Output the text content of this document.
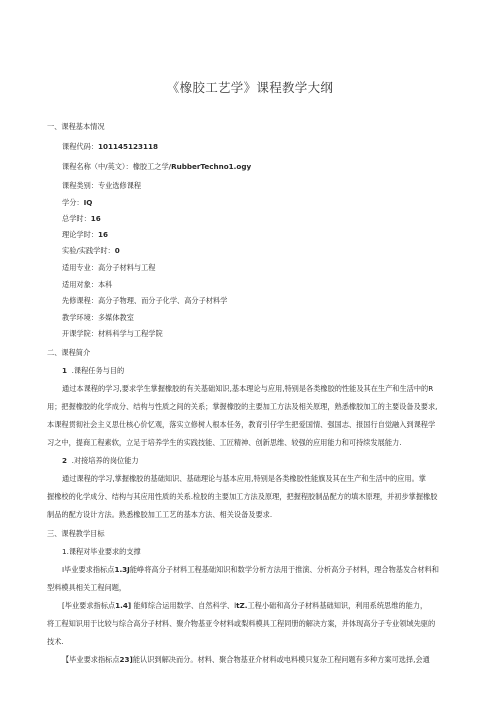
《橡胶工艺学》课程教学大纲
一、课程基本情况
课程代码：101145123118
课程名称（中/英文）：橡胶工之学/RubberTechno1.ogy
课程类别：专业选修课程
学分：IQ
总学时：16
理论学时：16
实验/实践学时：0
适用专业：高分子材料与工程
适用对象：本科
先修课程：高分子物理、而分子化学、高分子材料学
教学环境：多媒体教室
开课学院：材料科学与工程学院
二、课程简介
1 .课程任务与目的
通过本课程的学习,要求学生掌握橡胶的有关基础知识,基本理论与应用,特别是各类橡胶的性能及其在生产和生活中的R
用；把握橡胶的化学成分、结构与性质之间的关系；掌握橡胶的主要加工方法及相关原理，熟悉橡胶加工的主要设备及要求,
本课程贯彻社会主义思仕核心价忆观，落实立修树人根本任务，教育引仔学生把爱国情、强国志、报国行自觉融入到课程学
习之中，提商工程素软，立足于培养学生的实践技能、工匠精神、创新思维、较强的应用能力和可持续发展能力.
2 .对接培养的岗位能力
通过课程的学习,掌握橡胶的基础知识、基础理论与基本应用,特别是各类橡胶性能旗及其在生产和生活中的应用。掌
握橡校的化学成分、结构与其应用性质的关系.检胶的主要加工方法及原理，把握程胶制品配方的填木原理，并初步掌握橡胶
制品的配方设计方法。熟悉橡胶加工工艺的基本方法、相关设备及要求.
三、课程教学目标
1.课程对毕业要求的支撑
I毕业要求指标点1.3J能峥将高分子材料工程基础知识和数学分析方法用于推演、分析高分子材料，理合物基发合材料和
型料模具相关工程问题，
[毕业要求指标点1.4] 能师综合运用数学、自然科学、ltZ.工程小础和高分子材料基础知识，利用系统思维的能力，
将工程知识用于比较与综合高分子材料、聚介物基亚令材料或梨料模具工程同册的解决方案，并体现高分子专业领域先驱的
技术.
【毕业要求指标点23]能认识到解决而分。材料、聚合物基亚介材料或电料模只复杂工程问题有多种方案可选择,会通
